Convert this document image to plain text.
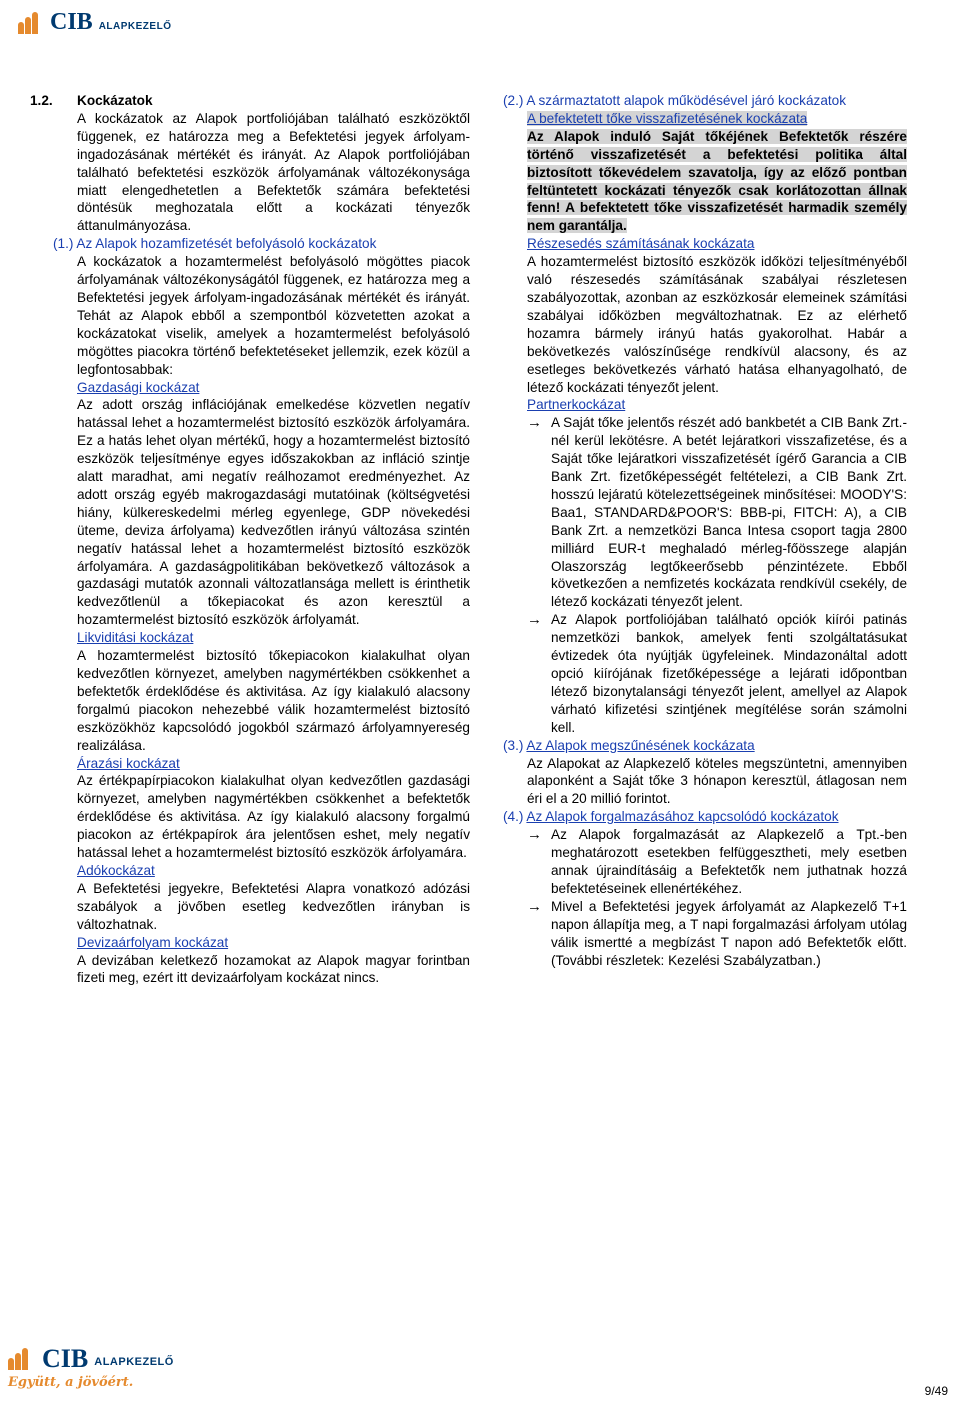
CIB ALAPKEZELŐ
1.2.	Kockázatok

A kockázatok az Alapok portfoliójában található eszközöktől függenek, ez határozza meg a Befektetési jegyek árfolyam-ingadozásának mértékét és irányát. Az Alapok portfoliójában található befektetési eszközök árfolyamának változékonysága miatt elengedhetetlen a Befektetők számára befektetési döntésük meghozatala előtt a kockázati tényezők áttanulmányozása.

(1.) Az Alapok hozamfizetését befolyásoló kockázatok

A kockázatok a hozamtermelést befolyásoló mögöttes piacok árfolyamának változékonyságától függenek, ez határozza meg a Befektetési jegyek árfolyam-ingadozásának mértékét és irányát. Tehát az Alapok ebből a szempontból közvetetten azokat a kockázatokat viselik, amelyek a hozamtermelést befolyásoló mögöttes piacokra történő befektetéseket jellemzik, ezek közül a legfontosabbak:

Gazdasági kockázat

Az adott ország inflációjának emelkedése közvetlen negatív hatással lehet a hozamtermelést biztosító eszközök árfolyamára. Ez a hatás lehet olyan mértékű, hogy a hozamtermelést biztosító eszközök teljesítménye egyes időszakokban az infláció szintje alatt maradhat, ami negatív reálhozamot eredményezhet. Az adott ország egyéb makrogazdasági mutatóinak (költségvetési hiány, külkereskedelmi mérleg egyenlege, GDP növekedési üteme, deviza árfolyama) kedvezőtlen irányú változása szintén negatív hatással lehet a hozamtermelést biztosító eszközök árfolyamára. A gazdaságpolitikában bekövetkező változások a gazdasági mutatók azonnali változatlansága mellett is érinthetik kedvezőtlenül a tőkepiacokat és azon keresztül a hozamtermelést biztosító eszközök árfolyamát.

Likviditási kockázat

A hozamtermelést biztosító tőkepiacokon kialakulhat olyan kedvezőtlen környezet, amelyben nagymértékben csökkenhet a befektetők érdeklődése és aktivitása. Az így kialakuló alacsony forgalmú piacokon nehezebbé válik hozamtermelést biztosító eszközökhöz kapcsolódó jogokból származó árfolyamnyereség realizálása.

Árazási kockázat

Az értékpapírpiacokon kialakulhat olyan kedvezőtlen gazdasági környezet, amelyben nagymértékben csökkenhet a befektetők érdeklődése és aktivitása. Az így kialakuló alacsony forgalmú piacokon az értékpapírok ára jelentősen eshet, mely negatív hatással lehet a hozamtermelést biztosító eszközök árfolyamára.

Adókockázat

A Befektetési jegyekre, Befektetési Alapra vonatkozó adózási szabályok a jövőben esetleg kedvezőtlen irányban is változhatnak.

Devizaárfolyam kockázat

A devizában keletkező hozamokat az Alapok magyar forintban fizeti meg, ezért itt devizaárfolyam kockázat nincs.

(2.) A származtatott alapok működésével járó kockázatok

A befektetett tőke visszafizetésének kockázata

Az Alapok induló Saját tőkéjének Befektetők részére történő visszafizetését a befektetési politika által biztosított tőkevédelem szavatolja, így az előző pontban feltüntetett kockázati tényezők csak korlátozottan állnak fenn! A befektetett tőke visszafizetését harmadik személy nem garantálja.

Részesedés számításának kockázata

A hozamtermelést biztosító eszközök időközi teljesítményéből való részesedés számításának szabályai részletesen szabályozottak, azonban az eszközkosár elemeinek számítási szabályai időközben megváltozhatnak. Ez az elérhető hozamra bármely irányú hatás gyakorolhat. Habár a bekövetkezés valószínűsége rendkívül alacsony, és az esetleges bekövetkezés várható hatása elhanyagolható, de létező kockázati tényezőt jelent.

Partnerkockázat

→ A Saját tőke jelentős részét adó bankbetét a CIB Bank Zrt.-nél kerül lekötésre. A betét lejáratkori visszafizetése, és a Saját tőke lejáratkori visszafizetését ígérő Garancia a CIB Bank Zrt. fizetőképességét feltételezi, a CIB Bank Zrt. hosszú lejáratú kötelezettségeinek minősítései: MOODY'S: Baa1, STANDARD&POOR'S: BBB-pi, FITCH: A), a CIB Bank Zrt. a nemzetközi Banca Intesa csoport tagja 2800 milliárd EUR-t meghaladó mérleg-főösszege alapján Olaszország legtőkeerősebb pénzintézete. Ebből következően a nemfizetés kockázata rendkívül csekély, de létező kockázati tényezőt jelent.

→ Az Alapok portfoliójában található opciók kiírói patinás nemzetközi bankok, amelyek fenti szolgáltatásukat évtizedek óta nyújtják ügyfeleinek. Mindazonáltal adott opció kiírójának fizetőképessége a lejárati időpontban létező bizonytalansági tényezőt jelent, amellyel az Alapok várható kifizetési szintjének megítélése során számolni kell.

(3.) Az Alapok megszűnésének kockázata

Az Alapokat az Alapkezelő köteles megszüntetni, amennyiben alaponként a Saját tőke 3 hónapon keresztül, átlagosan nem éri el a 20 millió forintot.

(4.) Az Alapok forgalmazásához kapcsolódó kockázatok

→ Az Alapok forgalmazását az Alapkezelő a Tpt.-ben meghatározott esetekben felfüggesztheti, mely esetben annak újraindításáig a Befektetők nem juthatnak hozzá befektetéseinek ellenértékéhez.

→ Mivel a Befektetési jegyek árfolyamát az Alapkezelő T+1 napon állapítja meg, a T napi forgalmazási árfolyam utólag válik ismertté a megbízást T napon adó Befektetők előtt. (További részletek: Kezelési Szabályzatban.)

CIB ALAPKEZELŐ
Együtt, a jövőért.
9/49
